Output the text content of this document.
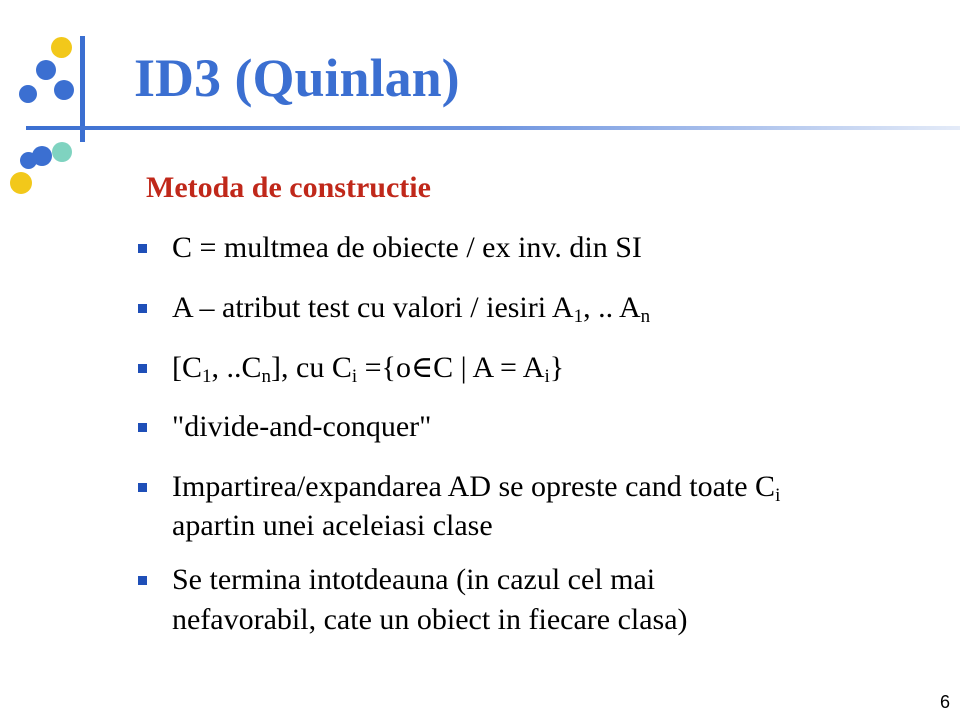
ID3 (Quinlan)
Metoda de constructie
C = multmea de obiecte / ex inv. din SI
A – atribut test cu valori / iesiri $A_1$, .. $A_n$
[$C_1$, $..C_n$], cu $C_i$ ={o∈C | $A = A_i$}
"divide-and-conquer"
Impartirea/expandarea AD se opreste cand toate $C_i$
apartin unei aceleiasi clase
Se termina intotdeauna (in cazul cel mai
nefavorabil, cate un obiect in fiecare clasa)
6
